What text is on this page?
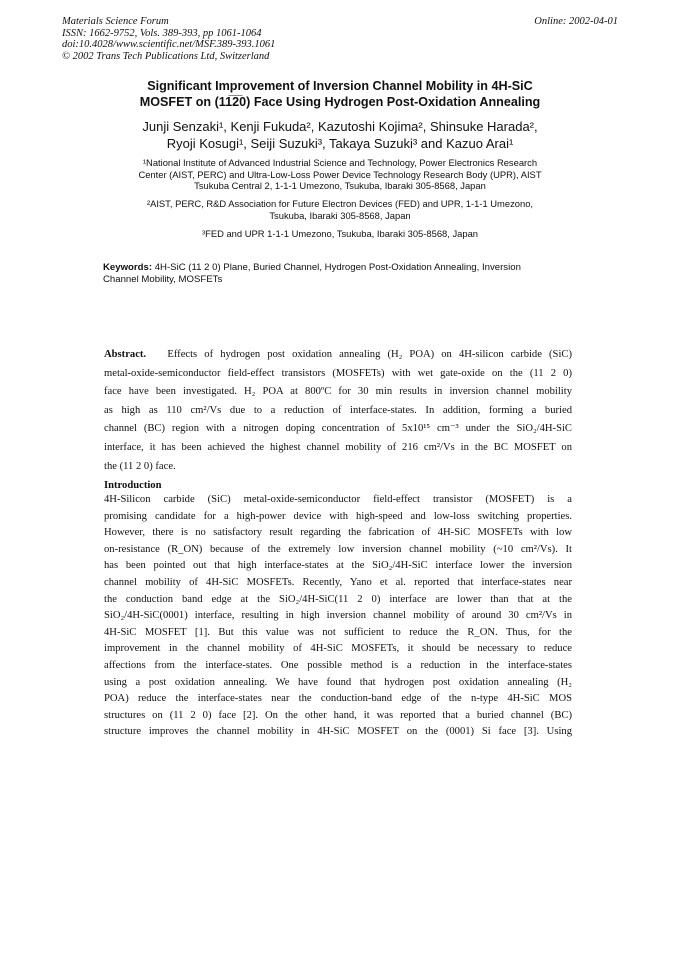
Materials Science Forum
ISSN: 1662-9752, Vols. 389-393, pp 1061-1064
doi:10.4028/www.scientific.net/MSF.389-393.1061
© 2002 Trans Tech Publications Ltd, Switzerland
Online: 2002-04-01
Significant Improvement of Inversion Channel Mobility in 4H-SiC
MOSFET on (11̅2̅0) Face Using Hydrogen Post-Oxidation Annealing
Junji Senzaki¹, Kenji Fukuda², Kazutoshi Kojima², Shinsuke Harada²,
Ryoji Kosugi¹, Seiji Suzuki³, Takaya Suzuki³ and Kazuo Arai¹
¹National Institute of Advanced Industrial Science and Technology, Power Electronics Research
Center (AIST, PERC) and Ultra-Low-Loss Power Device Technology Research Body (UPR), AIST
Tsukuba Central 2, 1-1-1 Umezono, Tsukuba, Ibaraki 305-8568, Japan
²AIST, PERC, R&D Association for Future Electron Devices (FED) and UPR, 1-1-1 Umezono,
Tsukuba, Ibaraki 305-8568, Japan
³FED and UPR 1-1-1 Umezono, Tsukuba, Ibaraki 305-8568, Japan
Keywords: 4H-SiC (11 2 0) Plane, Buried Channel, Hydrogen Post-Oxidation Annealing, Inversion
Channel Mobility, MOSFETs
Abstract. Effects of hydrogen post oxidation annealing (H₂ POA) on 4H-silicon carbide (SiC)
metal-oxide-semiconductor field-effect transistors (MOSFETs) with wet gate-oxide on the (11 2 0)
face have been investigated. H₂ POA at 800ºC for 30 min results in inversion channel mobility
as high as 110 cm²/Vs due to a reduction of interface-states. In addition, forming a buried
channel (BC) region with a nitrogen doping concentration of 5x10¹⁵ cm⁻³ under the SiO₂/4H-SiC
interface, it has been achieved the highest channel mobility of 216 cm²/Vs in the BC MOSFET on
the (11 2 0) face.
Introduction
4H-Silicon carbide (SiC) metal-oxide-semiconductor field-effect transistor (MOSFET) is a
promising candidate for a high-power device with high-speed and low-loss switching properties.
However, there is no satisfactory result regarding the fabrication of 4H-SiC MOSFETs with low
on-resistance (R_ON) because of the extremely low inversion channel mobility (~10 cm²/Vs). It
has been pointed out that high interface-states at the SiO₂/4H-SiC interface lower the inversion
channel mobility of 4H-SiC MOSFETs. Recently, Yano et al. reported that interface-states near
the conduction band edge at the SiO₂/4H-SiC(11 2 0) interface are lower than that at the
SiO₂/4H-SiC(0001) interface, resulting in high inversion channel mobility of around 30 cm²/Vs in
4H-SiC MOSFET [1]. But this value was not sufficient to reduce the R_ON. Thus, for the
improvement in the channel mobility of 4H-SiC MOSFETs, it should be necessary to reduce
affections from the interface-states. One possible method is a reduction in the interface-states
using a post oxidation annealing. We have found that hydrogen post oxidation annealing (H₂
POA) reduce the interface-states near the conduction-band edge of the n-type 4H-SiC MOS
structures on (11 2 0) face [2]. On the other hand, it was reported that a buried channel (BC)
structure improves the channel mobility in 4H-SiC MOSFET on the (0001) Si face [3]. Using
